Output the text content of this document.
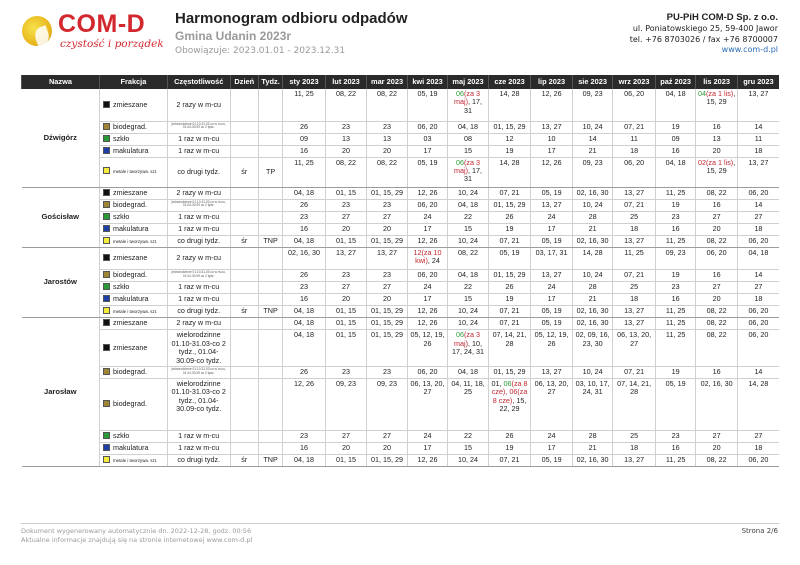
COM-D
czystość i porządek
Harmonogram odbioru odpadów
Gmina Udanin 2023r
Obowiązuje: 2023.01.01 - 2023.12.31
PU-PiH COM-D Sp. z o.o.
ul. Poniatowskiego 25, 59-400 Jawor
tel. +76 8703026 / fax +76 8700007
www.com-d.pl
Nazwa	Frakcja	Częstotliwość	Dzień	Tydz.	sty 2023	lut 2023	mar 2023	kwi 2023	maj 2023	cze 2023	lip 2023	sie 2023	wrz 2023	paź 2023	lis 2023	gru 2023
Dźwigórz	zmieszane	2 razy w m-cu			11, 25	08, 22	08, 22	05, 19	06(za 3 maj), 17, 31	14, 28	12, 26	09, 23	06, 20	04, 18	04(za 1 lis), 15, 29	13, 27
	biodegrad.	jednorodzinne 01.10-31.03 co w m-cu, 01.04-30.09 co 2 tydz.			26	23	23	06, 20	04, 18	01, 15, 29	13, 27	10, 24	07, 21	19	16	14
	szkło	1 raz w m-cu			09	13	13	03	08	12	10	14	11	09	13	11
	makulatura	1 raz w m-cu			16	20	20	17	15	19	17	21	18	16	20	18
	metale i tworzywa. szt.	co drugi tydz.	śr	TP	11, 25	08, 22	08, 22	05, 19	06(za 3 maj), 17, 31	14, 28	12, 26	09, 23	06, 20	04, 18	02(za 1 lis), 15, 29	13, 27
Gościsław	zmieszane	2 razy w m-cu			04, 18	01, 15	01, 15, 29	12, 26	10, 24	07, 21	05, 19	02, 16, 30	13, 27	11, 25	08, 22	06, 20
	biodegrad.	jednorodzinne 01.10-31.03 co w m-cu, 01.04-30.09 co 2 tydz.			26	23	23	06, 20	04, 18	01, 15, 29	13, 27	10, 24	07, 21	19	16	14
	szkło	1 raz w m-cu			23	27	27	24	22	26	24	28	25	23	27	27
	makulatura	1 raz w m-cu			16	20	20	17	15	19	17	21	18	16	20	18
	metale i tworzywa. szt.	co drugi tydz.	śr	TNP	04, 18	01, 15	01, 15, 29	12, 26	10, 24	07, 21	05, 19	02, 16, 30	13, 27	11, 25	08, 22	06, 20
Jarostów	zmieszane	2 razy w m-cu			02, 16, 30	13, 27	13, 27	12(za 10 kwi), 24	08, 22	05, 19	03, 17, 31	14, 28	11, 25	09, 23	06, 20	04, 18
	biodegrad.	jednorodzinne 01.10-31.03 co w m-cu, 01.04-30.09 co 2 tydz.			26	23	23	06, 20	04, 18	01, 15, 29	13, 27	10, 24	07, 21	19	16	14
	szkło	1 raz w m-cu			23	27	27	24	22	26	24	28	25	23	27	27
	makulatura	1 raz w m-cu			16	20	20	17	15	19	17	21	18	16	20	18
	metale i tworzywa. szt.	co drugi tydz.	śr	TNP	04, 18	01, 15	01, 15, 29	12, 26	10, 24	07, 21	05, 19	02, 16, 30	13, 27	11, 25	08, 22	06, 20
Jarosław	zmieszane	2 razy w m-cu			04, 18	01, 15	01, 15, 29	12, 26	10, 24	07, 21	05, 19	02, 16, 30	13, 27	11, 25	08, 22	06, 20
	zmieszane	wielorodzinne 01.10-31.03-co 2 tydz., 01.04-30.09-co tydz.			04, 18	01, 15	01, 15, 29	05, 12, 19, 26	06(za 3 maj), 10, 17, 24, 31	07, 14, 21, 28	05, 12, 19, 26	02, 09, 16, 23, 30	06, 13, 20, 27	11, 25	08, 22	06, 20
	biodegrad.	jednorodzinne 01.10-31.03 co w m-cu, 01.04-30.09 co 2 tydz.			26	23	23	06, 20	04, 18	01, 15, 29	13, 27	10, 24	07, 21	19	16	14
	biodegrad.	wielorodzinne 01.10-31.03-co 2 tydz., 01.04-30.09-co tydz.			12, 26	09, 23	09, 23	06, 13, 20, 27	04, 11, 18, 25	01, 06(za 8 cze), 06(za 8 cze), 15, 22, 29	06, 13, 20, 27	03, 10, 17, 24, 31	07, 14, 21, 28	05, 19	02, 16, 30	14, 28
	szkło	1 raz w m-cu			23	27	27	24	22	26	24	28	25	23	27	27
	makulatura	1 raz w m-cu			16	20	20	17	15	19	17	21	18	16	20	18
	metale i tworzywa. szt.	co drugi tydz.	śr	TNP	04, 18	01, 15	01, 15, 29	12, 26	10, 24	07, 21	05, 19	02, 16, 30	13, 27	11, 25	08, 22	06, 20
Dokument wygenerowany automatycznie dn. 2022-12-28, godz. 00:56
Aktualne informacje znajdują się na stronie internetowej www.com-d.pl
Strona 2/6
